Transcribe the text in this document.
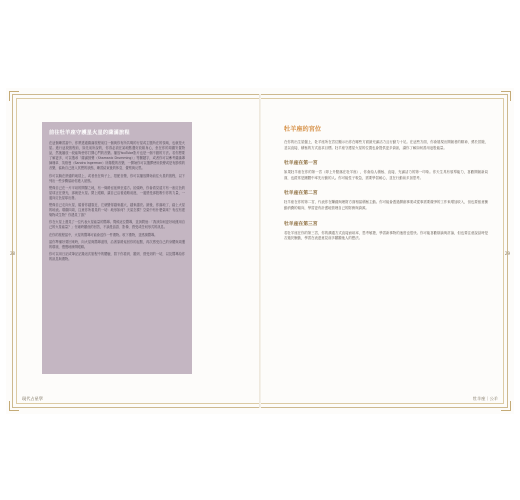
28	29
前往牡羊座守護星火星的薩滿旅程

在這個練習當中，你將透過薩滿旅程前往一個與你有所共鳴的行星或主題所在的領域，也就是火星。進行這段旅程前，如先前所說的，你得必須在某地點選好放鬆身心，坐在你的周圍安置物品，然後播放一段能夠使你打開心門的音樂。播放YouTube影片也是一個不錯的方法。若你想要了解更多，可以搜尋「薩滿鼓聲（Shamanic Drumming）」等關鍵字，或者你可以參考薩滿導師珊卓．英格曼（Sandra Ingerman）所錄製的音樂，一開始你可以選擇使用鼓聲或是有節奏的音樂，協助自己進入冥想的狀態，練習結束後的休息、覺察與反思。

你可以躺在舒適的地毯上，或者坐在椅子上，搭配音樂，你可以播放開始前往火星的旅程，以下列出一些步驟協助你進入狀態。

想像自己在一片平坦的開闊之地，有一條路徑延伸至遠方。抬頭時，你會看見遠方有一座紅色的星球正在發光，那就是火星。閉上眼睛，讓自己沿著道路前進，一邊感受那股吸引你的力量，一邊向紅色星球出發。

想像自己走向火星，隨著你越靠近，它就變得越來越大，越來越亮。最後，你落地了，踏上火星的地表。環顧四周，注意你所看見的一切：地形如何？天氣怎樣？空氣中有什麼氣味？有沒有建築物或生物？你遇見了誰？

你在火星上遇見了一位代表火星能量的嚮導。問候這位嚮導，並詢問他：「我該如何更好地運用自己的火星能量？」仔細聆聽他的回答，不論是話語、影像、感受或任何形式的訊息。

在你的旅程當中，火星的嚮導可能會送你一件禮物。收下禮物，並感謝嚮導。

當你準備好要回來時，向火星與嚮導道別，沿著原路返回你的起點，再次感受自己的身體與周遭的環境，慢慢地睜開眼睛。

你可以用日記或筆記記錄這次旅程中的體驗，寫下你看到、聽到、感受到的一切，以及嚮導給你的訊息與禮物。

牡羊座的宮位

在你的出生星盤上，牡羊座所在宮位顯示出你在哪些方面最充滿活力且行動力十足。在這些方面，你會展現出開創者的精神，勇於冒險，並以直接、積極的方式追求目標。牡羊座守護星火星的位置也會提供更多資訊，讓你了解如何善用這股能量。

牡羊座在第一宮

如果牡羊座在你的第一宮（即上升點落在牡羊座），你會給人積極、直接、充滿活力的第一印象。你天生具有領導能力，喜歡開創新局面，也經常是團體中率先行動的人。你可能性子較急，需要學習耐心，並在行動前多加思考。

牡羊座在第二宮

牡羊座在你的第二宮，代表你在賺錢與理財方面相當積極主動。你可能會透過開創事業或從事需要競爭的工作來增加收入，但也要留意衝動消費的傾向，學習更有計畫地管理自己的財務與資源。

牡羊座在第三宮

若牡羊座在你的第三宮，你的溝通方式直接而坦率，思考敏捷，學習新事物的速度也很快。你可能喜歡辯論與討論，但也要注意說話時是否過於衝動，學習在表達意見前多聽聽他人的想法。

現代占星學	牡羊座｜公羊
